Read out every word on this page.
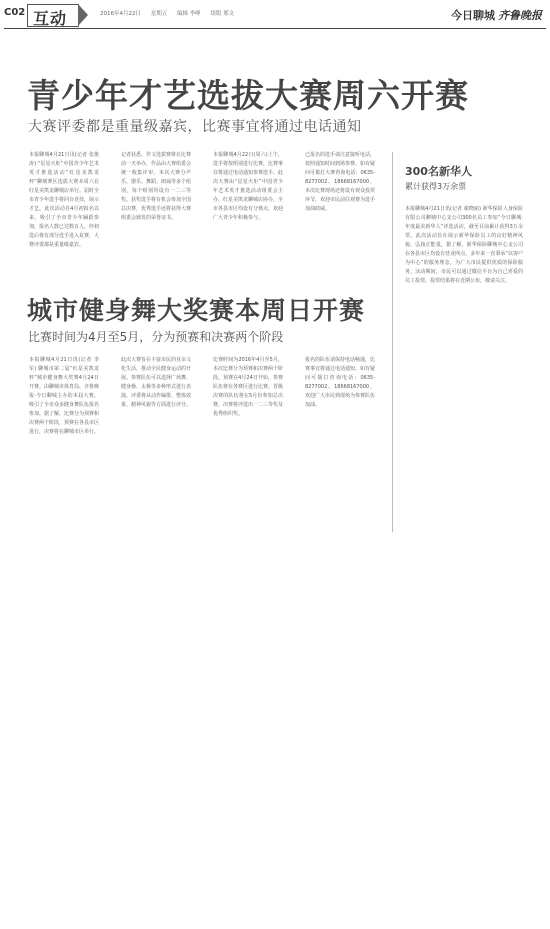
C02 互动	2016年4月22日 星期五 编辑 李峥 组版 邢文	今日聊城 齐鲁晚报
青少年才艺选拔大赛周六开赛
大赛评委都是重量级嘉宾，比赛事宜将通过电话通知
本报聊城4月21日讯(记者 张俊涛) “星星火炬”中国青少年艺术英才推选活动“红星美凯龙杯”聊城赛区选拔大赛本周六在红星美凯龙聊城店举行。届时全市青少年选手将同台竞技，展示才艺。此次活动自4月初报名以来，吸引了全市青少年踊跃参加，报名人数已达数百人，经初选后将有部分选手进入复赛，大赛评委都是重量级嘉宾。
记者获悉，作文选拔赛将在比赛前一天举办，作品由大赛组委会统一收集评审。本次大赛分声乐、器乐、舞蹈、朗诵等多个组别，每个组别均设有一二三等奖。获奖选手将有机会参加全国总决赛，优秀选手还将获得大赛组委会颁发的荣誉证书。
本报聊城4月22日(周六)上午，选手将按组别进行比赛，比赛事宜将通过电话通知参赛选手。此次大赛由“星星火炬”中国青少年艺术英才推选活动组委会主办，红星美凯龙聊城店协办，全市各县市区均设有分赛点，欢迎广大青少年积极参与。
已报名的选手请注意接听电话，按照通知时间到场参赛。如有疑问可拨打大赛咨询电话：0635-8277002、18668167000。本次比赛现场还将设有观众投票环节，欢迎市民前往观赛为选手加油助威。
300名新华人
累计获得3万余票
本报聊城4月21日讯(记者 谢晓丽) 新华保险人身保险有限公司聊城中心支公司300名员工参加“今日聊城·年度最美新华人”评选活动，截至目前累计获得3万余票。此次活动旨在展示新华保险员工的良好精神风貌，弘扬正能量。据了解，新华保险聊城中心支公司在各县市区均设有营业网点，多年来一直秉承“以客户为中心”的服务理念，为广大市民提供优质的保险服务。活动期间，市民可以通过微信平台为自己喜爱的员工投票，投票结果将在近期公布，敬请关注。
城市健身舞大奖赛本周日开赛
比赛时间为4月至5月，分为预赛和决赛两个阶段
本报聊城4月21日讯(记者 李军) 聊城市第二届“红星美凯龙杯”城市健身舞大奖赛4月24日开赛。由聊城市体育局、齐鲁晚报·今日聊城主办的本届大赛，吸引了全市众多健身舞队伍报名参加。据了解，比赛分为预赛和决赛两个阶段，预赛在各县市区进行，决赛将在聊城市区举行。
此次大赛旨在丰富市民的业余文化生活，推动全民健身运动的开展。参赛队伍可以选择广场舞、健身操、太极等多种形式进行表演，评委将从动作编排、整体效果、精神风貌等方面进行评分。
比赛时间为2016年4月至5月，本次比赛分为预赛和决赛两个阶段。预赛在4月24日开始，参赛队伍将在各赛区进行比赛，晋级决赛的队伍将在5月份参加总决赛，决赛将评选出一二三等奖及优秀组织奖。
报名的队伍请保持电话畅通，比赛事宜将通过电话通知。如有疑问可拨打咨询电话：0635-8277002、18668167000。欢迎广大市民到现场为参赛队伍加油。
